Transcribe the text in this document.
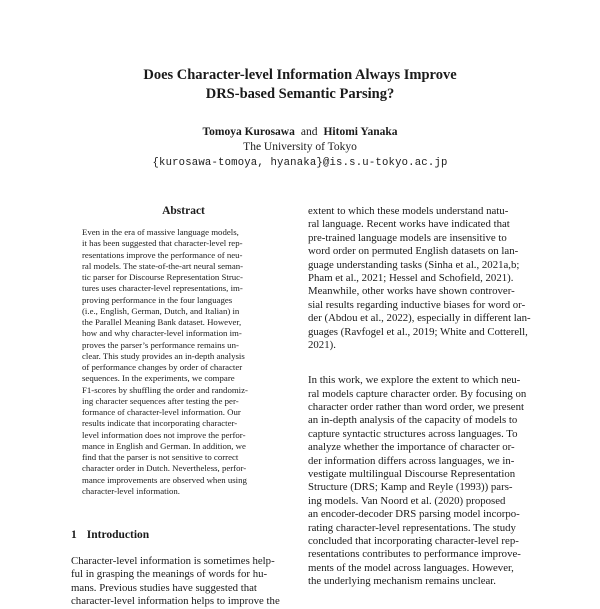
Does Character-level Information Always Improve
DRS-based Semantic Parsing?
Tomoya Kurosawa and Hitomi Yanaka
The University of Tokyo
{kurosawa-tomoya, hyanaka}@is.s.u-tokyo.ac.jp
Abstract
Even in the era of massive language models,
it has been suggested that character-level rep-
resentations improve the performance of neu-
ral models. The state-of-the-art neural seman-
tic parser for Discourse Representation Struc-
tures uses character-level representations, im-
proving performance in the four languages
(i.e., English, German, Dutch, and Italian) in
the Parallel Meaning Bank dataset. However,
how and why character-level information im-
proves the parser’s performance remains un-
clear. This study provides an in-depth analysis
of performance changes by order of character
sequences. In the experiments, we compare
F1-scores by shuffling the order and randomiz-
ing character sequences after testing the per-
formance of character-level information. Our
results indicate that incorporating character-
level information does not improve the perfor-
mance in English and German. In addition, we
find that the parser is not sensitive to correct
character order in Dutch. Nevertheless, perfor-
mance improvements are observed when using
character-level information.
1 Introduction
Character-level information is sometimes help-
ful in grasping the meanings of words for hu-
mans. Previous studies have suggested that
character-level information helps to improve the
extent to which these models understand natu-
ral language. Recent works have indicated that
pre-trained language models are insensitive to
word order on permuted English datasets on lan-
guage understanding tasks (Sinha et al., 2021a,b;
Pham et al., 2021; Hessel and Schofield, 2021).
Meanwhile, other works have shown controver-
sial results regarding inductive biases for word or-
der (Abdou et al., 2022), especially in different lan-
guages (Ravfogel et al., 2019; White and Cotterell,
2021).
In this work, we explore the extent to which neu-
ral models capture character order. By focusing on
character order rather than word order, we present
an in-depth analysis of the capacity of models to
capture syntactic structures across languages. To
analyze whether the importance of character or-
der information differs across languages, we in-
vestigate multilingual Discourse Representation
Structure (DRS; Kamp and Reyle (1993)) pars-
ing models. Van Noord et al. (2020) proposed
an encoder-decoder DRS parsing model incorpo-
rating character-level representations. The study
concluded that incorporating character-level rep-
resentations contributes to performance improve-
ments of the model across languages. However,
the underlying mechanism remains unclear.
